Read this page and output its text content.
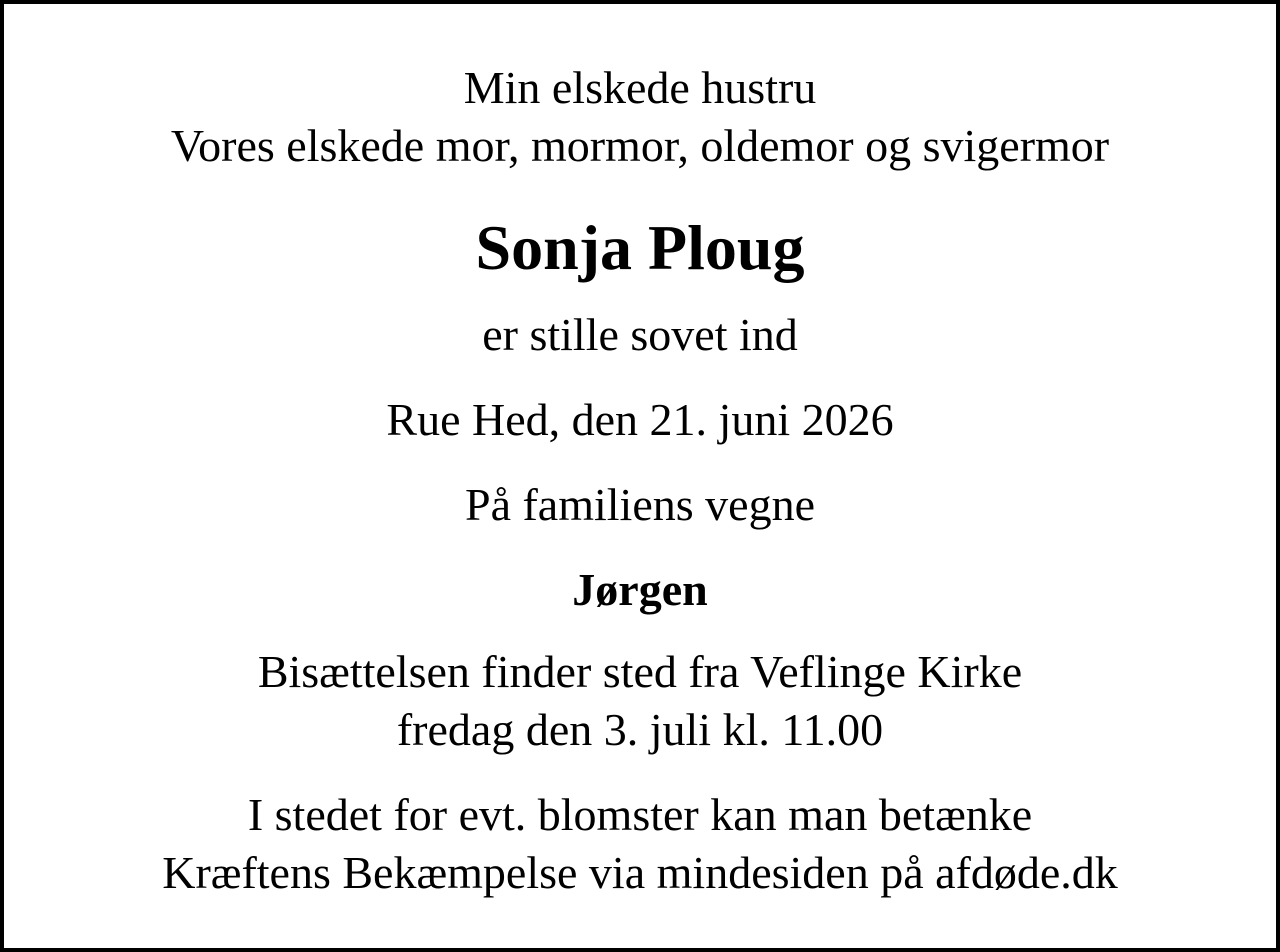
Min elskede hustru
Vores elskede mor, mormor, oldemor og svigermor
Sonja Ploug
er stille sovet ind
Rue Hed, den 21. juni 2026
På familiens vegne
Jørgen
Bisættelsen finder sted fra Veflinge Kirke
fredag den 3. juli kl. 11.00
I stedet for evt. blomster kan man betænke
Kræftens Bekæmpelse via mindesiden på afdøde.dk
